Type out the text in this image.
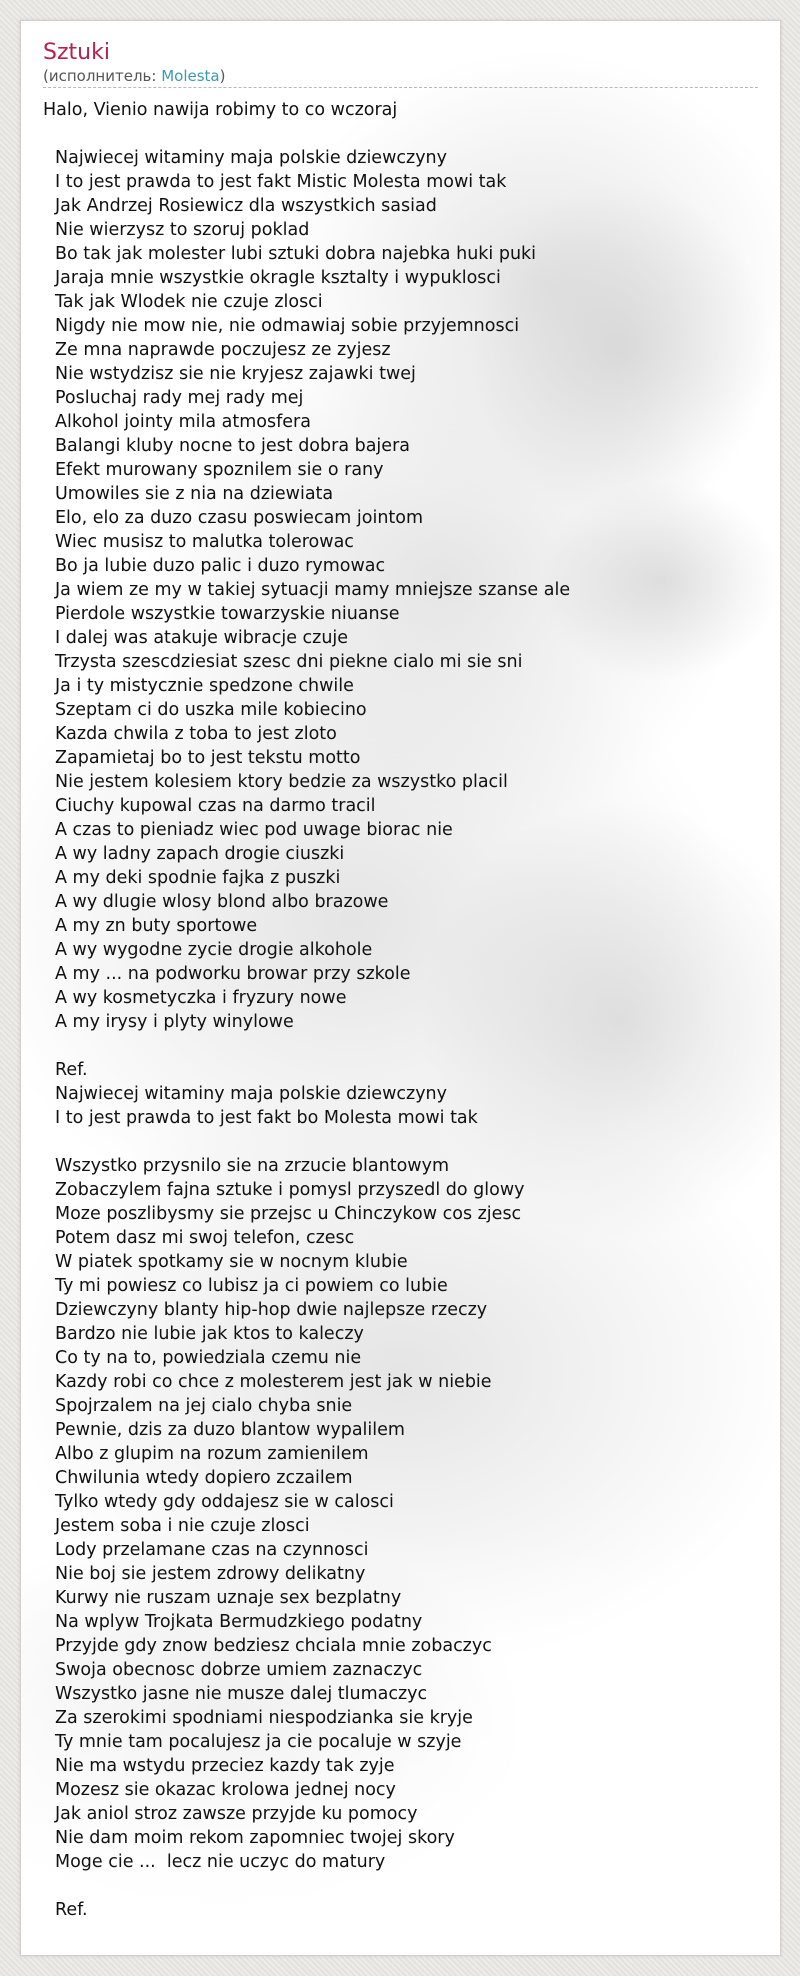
Sztuki
(исполнитель: Molesta)
Halo, Vienio nawija robimy to co wczoraj
Najwiecej witaminy maja polskie dziewczyny
I to jest prawda to jest fakt Mistic Molesta mowi tak
Jak Andrzej Rosiewicz dla wszystkich sasiad
Nie wierzysz to szoruj poklad
Bo tak jak molester lubi sztuki dobra najebka huki puki
Jaraja mnie wszystkie okragle ksztalty i wypuklosci
Tak jak Wlodek nie czuje zlosci
Nigdy nie mow nie, nie odmawiaj sobie przyjemnosci
Ze mna naprawde poczujesz ze zyjesz
Nie wstydzisz sie nie kryjesz zajawki twej
Posluchaj rady mej rady mej
Alkohol jointy mila atmosfera
Balangi kluby nocne to jest dobra bajera
Efekt murowany spoznilem sie o rany
Umowiles sie z nia na dziewiata
Elo, elo za duzo czasu poswiecam jointom
Wiec musisz to malutka tolerowac
Bo ja lubie duzo palic i duzo rymowac
Ja wiem ze my w takiej sytuacji mamy mniejsze szanse ale
Pierdole wszystkie towarzyskie niuanse
I dalej was atakuje wibracje czuje
Trzysta szescdziesiat szesc dni piekne cialo mi sie sni
Ja i ty mistycznie spedzone chwile
Szeptam ci do uszka mile kobiecino
Kazda chwila z toba to jest zloto
Zapamietaj bo to jest tekstu motto
Nie jestem kolesiem ktory bedzie za wszystko placil
Ciuchy kupowal czas na darmo tracil
A czas to pieniadz wiec pod uwage biorac nie
A wy ladny zapach drogie ciuszki
A my deki spodnie fajka z puszki
A wy dlugie wlosy blond albo brazowe
A my zn buty sportowe
A wy wygodne zycie drogie alkohole
A my ... na podworku browar przy szkole
A wy kosmetyczka i fryzury nowe
A my irysy i plyty winylowe
Ref.
Najwiecej witaminy maja polskie dziewczyny
I to jest prawda to jest fakt bo Molesta mowi tak
Wszystko przysnilo sie na zrzucie blantowym
Zobaczylem fajna sztuke i pomysl przyszedl do glowy
Moze poszlibysmy sie przejsc u Chinczykow cos zjesc
Potem dasz mi swoj telefon, czesc
W piatek spotkamy sie w nocnym klubie
Ty mi powiesz co lubisz ja ci powiem co lubie
Dziewczyny blanty hip-hop dwie najlepsze rzeczy
Bardzo nie lubie jak ktos to kaleczy
Co ty na to, powiedziala czemu nie
Kazdy robi co chce z molesterem jest jak w niebie
Spojrzalem na jej cialo chyba snie
Pewnie, dzis za duzo blantow wypalilem
Albo z glupim na rozum zamienilem
Chwilunia wtedy dopiero zczailem
Tylko wtedy gdy oddajesz sie w calosci
Jestem soba i nie czuje zlosci
Lody przelamane czas na czynnosci
Nie boj sie jestem zdrowy delikatny
Kurwy nie ruszam uznaje sex bezplatny
Na wplyw Trojkata Bermudzkiego podatny
Przyjde gdy znow bedziesz chciala mnie zobaczyc
Swoja obecnosc dobrze umiem zaznaczyc
Wszystko jasne nie musze dalej tlumaczyc
Za szerokimi spodniami niespodzianka sie kryje
Ty mnie tam pocalujesz ja cie pocaluje w szyje
Nie ma wstydu przeciez kazdy tak zyje
Mozesz sie okazac krolowa jednej nocy
Jak aniol stroz zawsze przyjde ku pomocy
Nie dam moim rekom zapomniec twojej skory
Moge cie ...  lecz nie uczyc do matury
Ref.
